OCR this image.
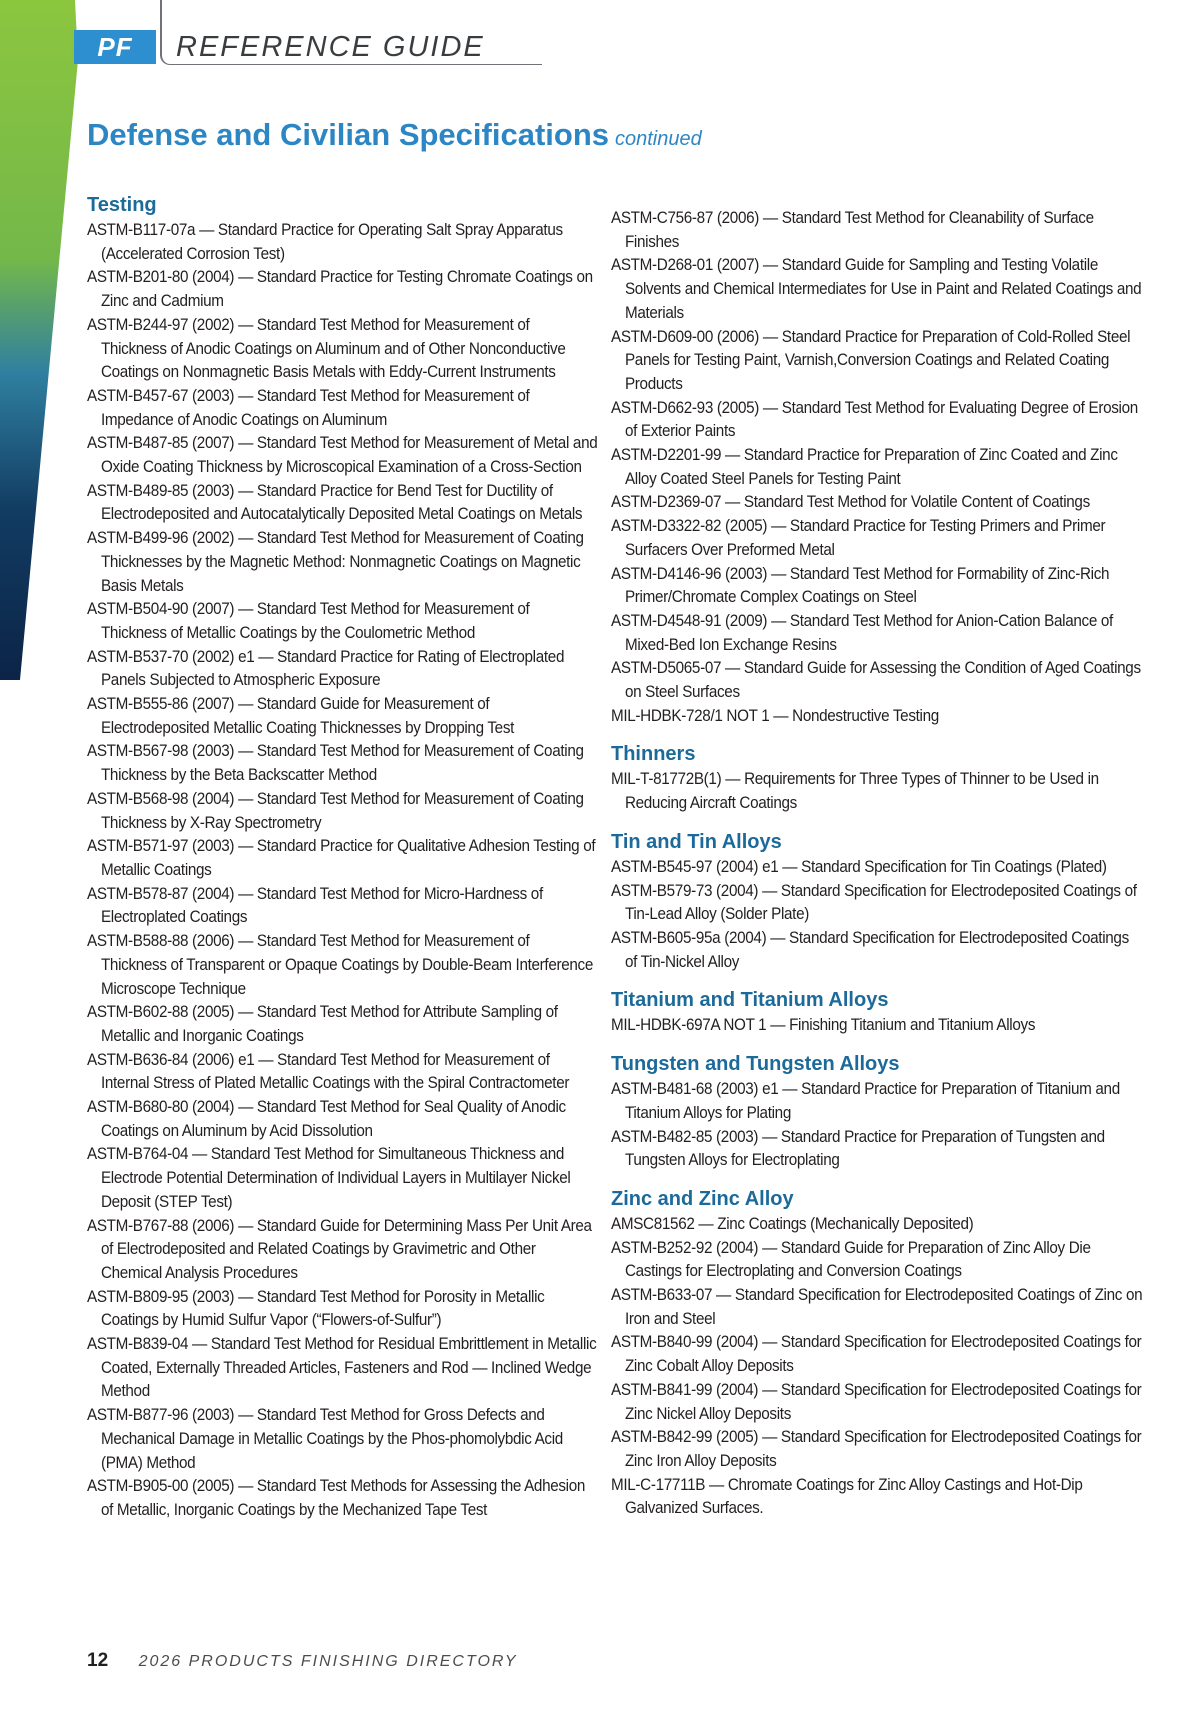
PF	REFERENCE GUIDE
Defense and Civilian Specifications continued
Testing
ASTM-B117-07a — Standard Practice for Operating Salt Spray Apparatus (Accelerated Corrosion Test)
ASTM-B201-80 (2004) — Standard Practice for Testing Chromate Coatings on Zinc and Cadmium
ASTM-B244-97 (2002) — Standard Test Method for Measurement of Thickness of Anodic Coatings on Aluminum and of Other Nonconductive Coatings on Nonmagnetic Basis Metals with Eddy-Current Instruments
ASTM-B457-67 (2003) — Standard Test Method for Measurement of Impedance of Anodic Coatings on Aluminum
ASTM-B487-85 (2007) — Standard Test Method for Measurement of Metal and Oxide Coating Thickness by Microscopical Examination of a Cross-Section
ASTM-B489-85 (2003) — Standard Practice for Bend Test for Ductility of Electrodeposited and Autocatalytically Deposited Metal Coatings on Metals
ASTM-B499-96 (2002) — Standard Test Method for Measurement of Coating Thicknesses by the Magnetic Method: Nonmagnetic Coatings on Magnetic Basis Metals
ASTM-B504-90 (2007) — Standard Test Method for Measurement of Thickness of Metallic Coatings by the Coulometric Method
ASTM-B537-70 (2002) e1 — Standard Practice for Rating of Electroplated Panels Subjected to Atmospheric Exposure
ASTM-B555-86 (2007) — Standard Guide for Measurement of Electrodeposited Metallic Coating Thicknesses by Dropping Test
ASTM-B567-98 (2003) — Standard Test Method for Measurement of Coating Thickness by the Beta Backscatter Method
ASTM-B568-98 (2004) — Standard Test Method for Measurement of Coating Thickness by X-Ray Spectrometry
ASTM-B571-97 (2003) — Standard Practice for Qualitative Adhesion Testing of Metallic Coatings
ASTM-B578-87 (2004) — Standard Test Method for Micro-Hardness of Electroplated Coatings
ASTM-B588-88 (2006) — Standard Test Method for Measurement of Thickness of Transparent or Opaque Coatings by Double-Beam Interference Microscope Technique
ASTM-B602-88 (2005) — Standard Test Method for Attribute Sampling of Metallic and Inorganic Coatings
ASTM-B636-84 (2006) e1 — Standard Test Method for Measurement of Internal Stress of Plated Metallic Coatings with the Spiral Contractometer
ASTM-B680-80 (2004) — Standard Test Method for Seal Quality of Anodic Coatings on Aluminum by Acid Dissolution
ASTM-B764-04 — Standard Test Method for Simultaneous Thickness and Electrode Potential Determination of Individual Layers in Multilayer Nickel Deposit (STEP Test)
ASTM-B767-88 (2006) — Standard Guide for Determining Mass Per Unit Area of Electrodeposited and Related Coatings by Gravimetric and Other Chemical Analysis Procedures
ASTM-B809-95 (2003) — Standard Test Method for Porosity in Metallic Coatings by Humid Sulfur Vapor (“Flowers-of-Sulfur”)
ASTM-B839-04 — Standard Test Method for Residual Embrittlement in Metallic Coated, Externally Threaded Articles, Fasteners and Rod — Inclined Wedge Method
ASTM-B877-96 (2003) — Standard Test Method for Gross Defects and Mechanical Damage in Metallic Coatings by the Phos-phomolybdic Acid (PMA) Method
ASTM-B905-00 (2005) — Standard Test Methods for Assessing the Adhesion of Metallic, Inorganic Coatings by the Mechanized Tape Test
ASTM-C756-87 (2006) — Standard Test Method for Cleanability of Surface Finishes
ASTM-D268-01 (2007) — Standard Guide for Sampling and Testing Volatile Solvents and Chemical Intermediates for Use in Paint and Related Coatings and Materials
ASTM-D609-00 (2006) — Standard Practice for Preparation of Cold-Rolled Steel Panels for Testing Paint, Varnish,Conversion Coatings and Related Coating Products
ASTM-D662-93 (2005) — Standard Test Method for Evaluating Degree of Erosion of Exterior Paints
ASTM-D2201-99 — Standard Practice for Preparation of Zinc Coated and Zinc Alloy Coated Steel Panels for Testing Paint
ASTM-D2369-07 — Standard Test Method for Volatile Content of Coatings
ASTM-D3322-82 (2005) — Standard Practice for Testing Primers and Primer Surfacers Over Preformed Metal
ASTM-D4146-96 (2003) — Standard Test Method for Formability of Zinc-Rich Primer/Chromate Complex Coatings on Steel
ASTM-D4548-91 (2009) — Standard Test Method for Anion-Cation Balance of Mixed-Bed Ion Exchange Resins
ASTM-D5065-07 — Standard Guide for Assessing the Condition of Aged Coatings on Steel Surfaces
MIL-HDBK-728/1 NOT 1 — Nondestructive Testing
Thinners
MIL-T-81772B(1) — Requirements for Three Types of Thinner to be Used in Reducing Aircraft Coatings
Tin and Tin Alloys
ASTM-B545-97 (2004) e1 — Standard Specification for Tin Coatings (Plated)
ASTM-B579-73 (2004) — Standard Specification for Electrodeposited Coatings of Tin-Lead Alloy (Solder Plate)
ASTM-B605-95a (2004) — Standard Specification for Electrodeposited Coatings of Tin-Nickel Alloy
Titanium and Titanium Alloys
MIL-HDBK-697A NOT 1 — Finishing Titanium and Titanium Alloys
Tungsten and Tungsten Alloys
ASTM-B481-68 (2003) e1 — Standard Practice for Preparation of Titanium and Titanium Alloys for Plating
ASTM-B482-85 (2003) — Standard Practice for Preparation of Tungsten and Tungsten Alloys for Electroplating
Zinc and Zinc Alloy
AMSC81562 — Zinc Coatings (Mechanically Deposited)
ASTM-B252-92 (2004) — Standard Guide for Preparation of Zinc Alloy Die Castings for Electroplating and Conversion Coatings
ASTM-B633-07 — Standard Specification for Electrodeposited Coatings of Zinc on Iron and Steel
ASTM-B840-99 (2004) — Standard Specification for Electrodeposited Coatings for Zinc Cobalt Alloy Deposits
ASTM-B841-99 (2004) — Standard Specification for Electrodeposited Coatings for Zinc Nickel Alloy Deposits
ASTM-B842-99 (2005) — Standard Specification for Electrodeposited Coatings for Zinc Iron Alloy Deposits
MIL-C-17711B — Chromate Coatings for Zinc Alloy Castings and Hot-Dip Galvanized Surfaces.
12 2026 PRODUCTS FINISHING DIRECTORY
